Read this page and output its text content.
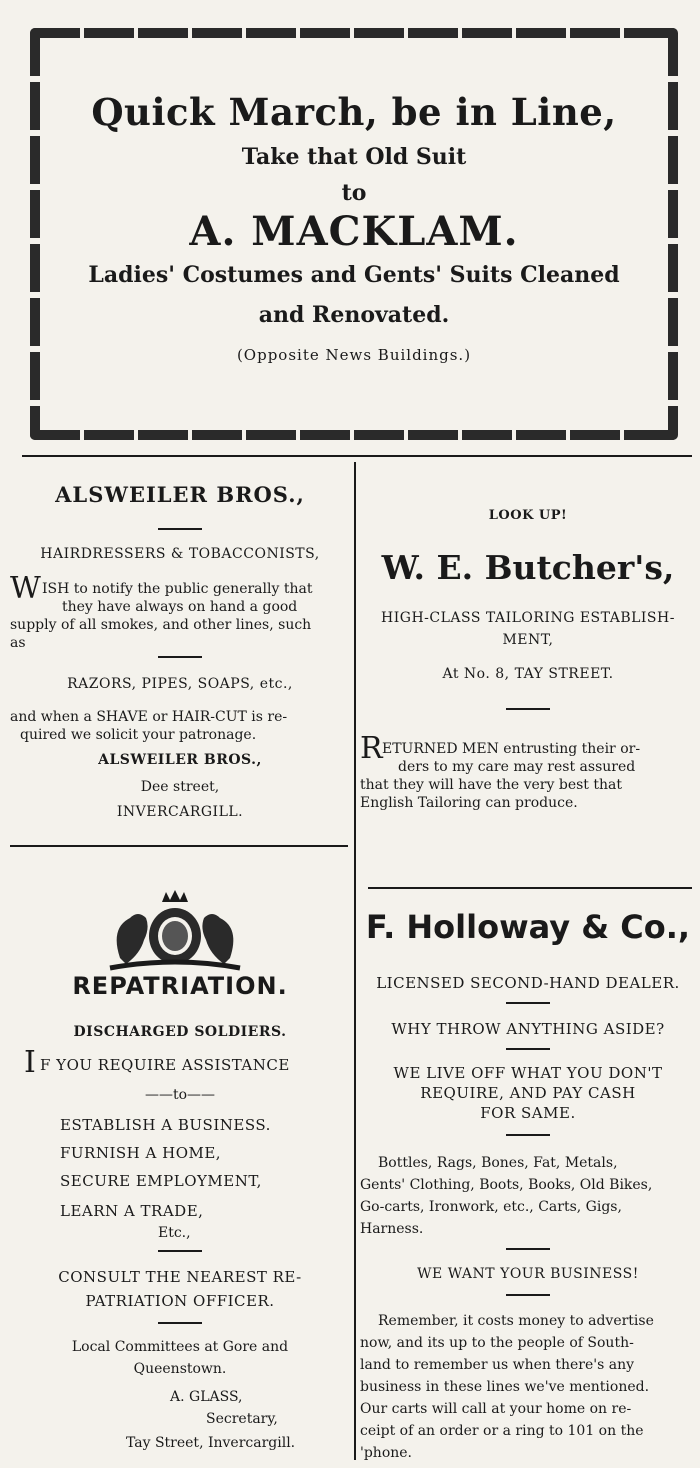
Quick March, be in Line,
Take that Old Suit
to
A. MACKLAM.
Ladies' Costumes and Gents' Suits Cleaned
and Renovated.
(Opposite News Buildings.)
ALSWEILER BROS.,
HAIRDRESSERS & TOBACCONISTS,
W ISH to notify the public generally that
they have always on hand a good
supply of all smokes, and other lines, such
as
RAZORS, PIPES, SOAPS, etc.,
and when a SHAVE or HAIR-CUT is re-
quired we solicit your patronage.
ALSWEILER BROS.,
Dee street,
INVERCARGILL.
LOOK UP!
W. E. Butcher's,
HIGH-CLASS TAILORING ESTABLISH-
MENT,
At No. 8, TAY STREET.
R ETURNED MEN entrusting their or-
ders to my care may rest assured
that they will have the very best that
English Tailoring can produce.
REPATRIATION.
DISCHARGED SOLDIERS.
I F YOU REQUIRE ASSISTANCE
——to——
ESTABLISH A BUSINESS.
FURNISH A HOME,
SECURE EMPLOYMENT,
LEARN A TRADE,
Etc.,
CONSULT THE NEAREST RE-
PATRIATION OFFICER.
Local Committees at Gore and
Queenstown.
A. GLASS,
Secretary,
Tay Street, Invercargill.
F. Holloway & Co.,
LICENSED SECOND-HAND DEALER.
WHY THROW ANYTHING ASIDE?
WE LIVE OFF WHAT YOU DON'T
REQUIRE, AND PAY CASH
FOR SAME.
Bottles, Rags, Bones, Fat, Metals,
Gents' Clothing, Boots, Books, Old Bikes,
Go-carts, Ironwork, etc., Carts, Gigs,
Harness.
WE WANT YOUR BUSINESS!
Remember, it costs money to advertise
now, and its up to the people of South-
land to remember us when there's any
business in these lines we've mentioned.
Our carts will call at your home on re-
ceipt of an order or a ring to 101 on the
'phone.
